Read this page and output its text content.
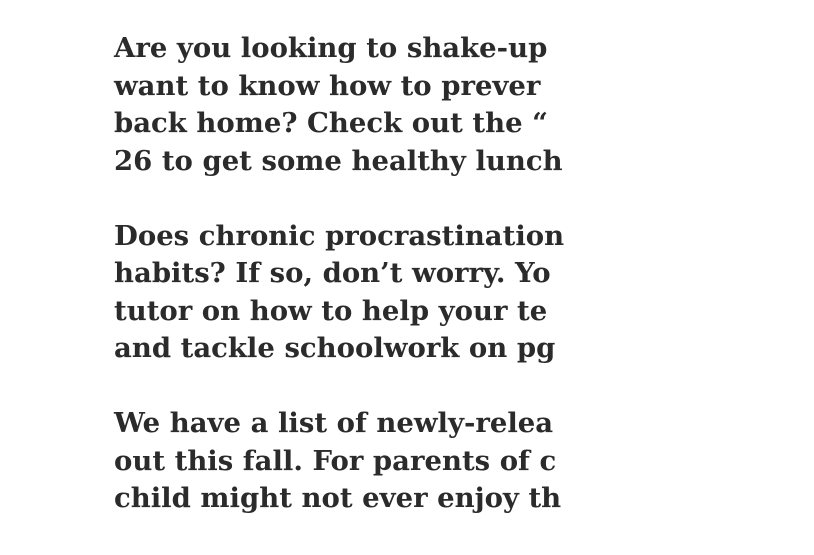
Are you looking to shake-up
want to know how to prever
back home? Check out the “
26 to get some healthy lunch

Does chronic procrastination
habits? If so, don’t worry. Yo
tutor on how to help your te
and tackle schoolwork on pg

We have a list of newly-relea
out this fall. For parents of c
child might not ever enjoy th
